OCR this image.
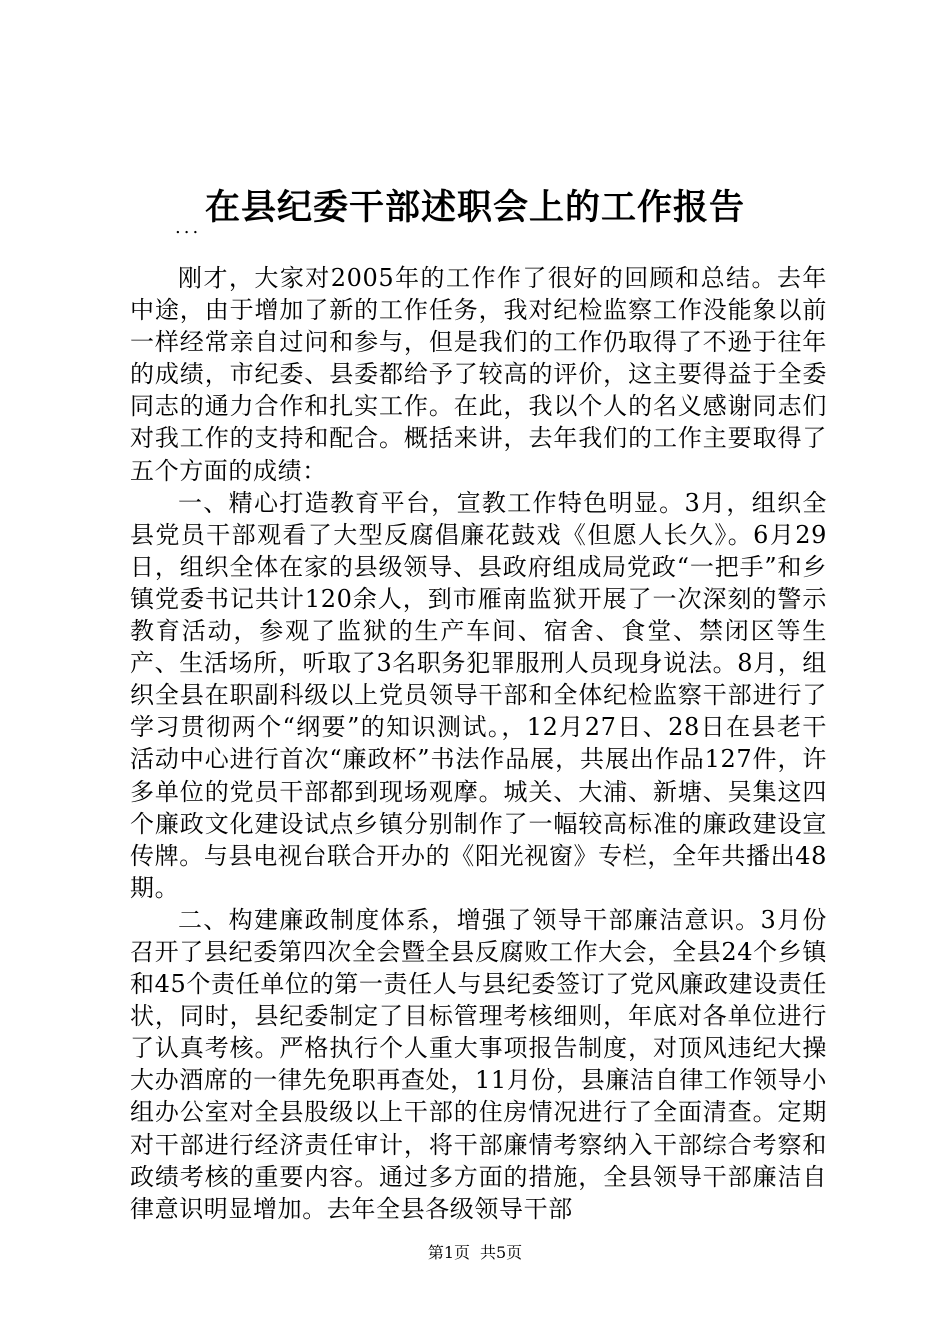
在县纪委干部述职会上的工作报告
...

刚才，大家对2005年的工作作了很好的回顾和总结。去年中途，由于增加了新的工作任务，我对纪检监察工作没能象以前一样经常亲自过问和参与，但是我们的工作仍取得了不逊于往年的成绩，市纪委、县委都给予了较高的评价，这主要得益于全委同志的通力合作和扎实工作。在此，我以个人的名义感谢同志们对我工作的支持和配合。概括来讲，去年我们的工作主要取得了五个方面的成绩：

一、精心打造教育平台，宣教工作特色明显。3月，组织全县党员干部观看了大型反腐倡廉花鼓戏《但愿人长久》。6月29日，组织全体在家的县级领导、县政府组成局党政“一把手”和乡镇党委书记共计120余人，到市雁南监狱开展了一次深刻的警示教育活动，参观了监狱的生产车间、宿舍、食堂、禁闭区等生产、生活场所，听取了3名职务犯罪服刑人员现身说法。8月，组织全县在职副科级以上党员领导干部和全体纪检监察干部进行了学习贯彻两个“纲要”的知识测试。，12月27日、28日在县老干活动中心进行首次“廉政杯”书法作品展，共展出作品127件，许多单位的党员干部都到现场观摩。城关、大浦、新塘、吴集这四个廉政文化建设试点乡镇分别制作了一幅较高标准的廉政建设宣传牌。与县电视台联合开办的《阳光视窗》专栏，全年共播出48期。

二、构建廉政制度体系，增强了领导干部廉洁意识。3月份召开了县纪委第四次全会暨全县反腐败工作大会，全县24个乡镇和45个责任单位的第一责任人与县纪委签订了党风廉政建设责任状，同时，县纪委制定了目标管理考核细则，年底对各单位进行了认真考核。严格执行个人重大事项报告制度，对顶风违纪大操大办酒席的一律先免职再查处，11月份，县廉洁自律工作领导小组办公室对全县股级以上干部的住房情况进行了全面清查。定期对干部进行经济责任审计，将干部廉情考察纳入干部综合考察和政绩考核的重要内容。通过多方面的措施，全县领导干部廉洁自律意识明显增加。去年全县各级领导干部

第1页 共5页
